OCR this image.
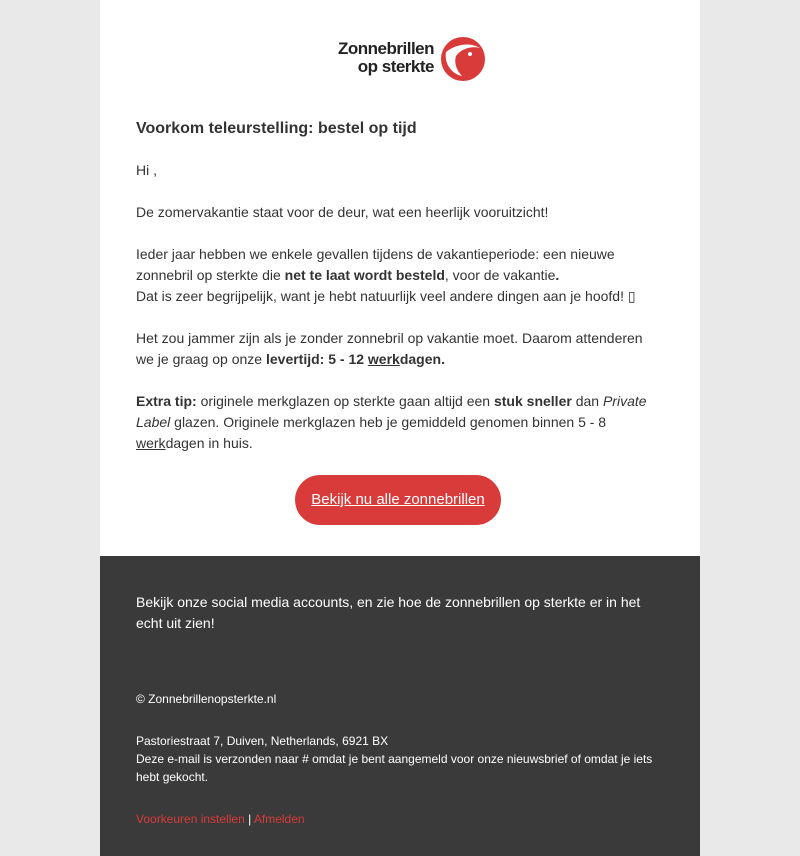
Zonnebrillen
op sterkte
Voorkom teleurstelling: bestel op tijd

Hi ,

De zomervakantie staat voor de deur, wat een heerlijk vooruitzicht!

Ieder jaar hebben we enkele gevallen tijdens de vakantieperiode: een nieuwe zonnebril op sterkte die net te laat wordt besteld, voor de vakantie.
Dat is zeer begrijpelijk, want je hebt natuurlijk veel andere dingen aan je hoofd! ▯

Het zou jammer zijn als je zonder zonnebril op vakantie moet. Daarom attenderen we je graag op onze levertijd: 5 - 12 werkdagen.

Extra tip: originele merkglazen op sterkte gaan altijd een stuk sneller dan Private Label glazen. Originele merkglazen heb je gemiddeld genomen binnen 5 - 8 werkdagen in huis.

Bekijk nu alle zonnebrillen

Bekijk onze social media accounts, en zie hoe de zonnebrillen op sterkte er in het echt uit zien!

© Zonnebrillenopsterkte.nl

Pastoriestraat 7, Duiven, Netherlands, 6921 BX

Deze e-mail is verzonden naar # omdat je bent aangemeld voor onze nieuwsbrief of omdat je iets hebt gekocht.

Voorkeuren instellen | Afmelden
